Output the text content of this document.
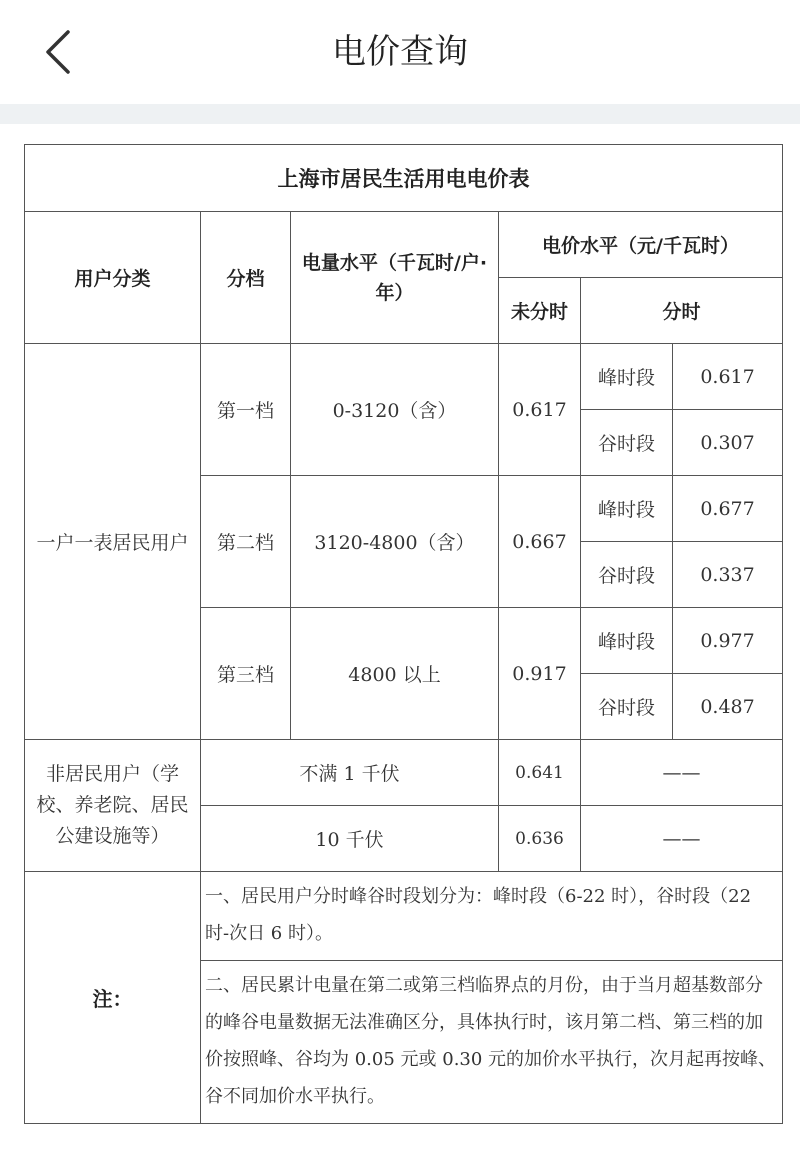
电价查询
上海市居民生活用电电价表					
用户分类	分档	电量水平（千瓦时/户·年）	电价水平（元/千瓦时）		
			未分时	分时	
一户一表居民用户	第一档	0-3120（含）	0.617	峰时段	0.617
				谷时段	0.307
	第二档	3120-4800（含）	0.667	峰时段	0.677
				谷时段	0.337
	第三档	4800 以上	0.917	峰时段	0.977
				谷时段	0.487
非居民用户（学校、养老院、居民公建设施等）	不满 1 千伏		0.641	——	
	10 千伏		0.636	——	
注：	一、居民用户分时峰谷时段划分为：峰时段（6-22 时），谷时段（22 时-次日 6 时）。				
	二、居民累计电量在第二或第三档临界点的月份，由于当月超基数部分的峰谷电量数据无法准确区分，具体执行时，该月第二档、第三档的加价按照峰、谷均为 0.05 元或 0.30 元的加价水平执行，次月起再按峰、谷不同加价水平执行。				
